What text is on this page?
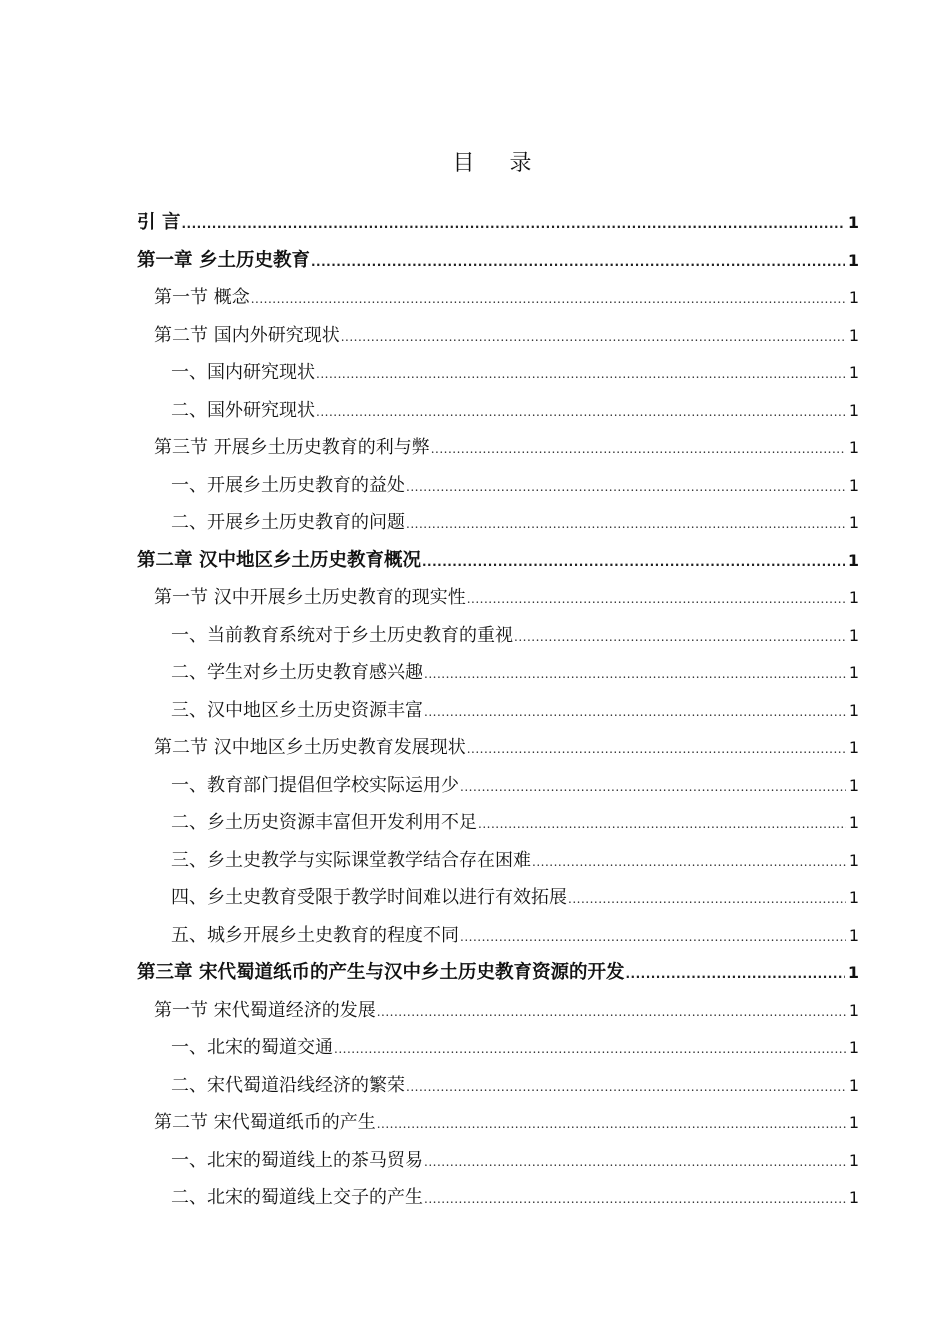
目 录
引 言 .....	1
第一章 乡土历史教育 .....	1
第一节 概念 .....	1
第二节 国内外研究现状 .....	1
一、国内研究现状 .....	1
二、国外研究现状 .....	1
第三节 开展乡土历史教育的利与弊 .....	1
一、开展乡土历史教育的益处 .....	1
二、开展乡土历史教育的问题 .....	1
第二章 汉中地区乡土历史教育概况 .....	1
第一节 汉中开展乡土历史教育的现实性 .....	1
一、当前教育系统对于乡土历史教育的重视 .....	1
二、学生对乡土历史教育感兴趣 .....	1
三、汉中地区乡土历史资源丰富 .....	1
第二节 汉中地区乡土历史教育发展现状 .....	1
一、教育部门提倡但学校实际运用少 .....	1
二、乡土历史资源丰富但开发利用不足 .....	1
三、乡土史教学与实际课堂教学结合存在困难 .....	1
四、乡土史教育受限于教学时间难以进行有效拓展 .....	1
五、城乡开展乡土史教育的程度不同 .....	1
第三章 宋代蜀道纸币的产生与汉中乡土历史教育资源的开发 .....	1
第一节 宋代蜀道经济的发展 .....	1
一、北宋的蜀道交通 .....	1
二、宋代蜀道沿线经济的繁荣 .....	1
第二节 宋代蜀道纸币的产生 .....	1
一、北宋的蜀道线上的茶马贸易 .....	1
二、北宋的蜀道线上交子的产生 .....	1
